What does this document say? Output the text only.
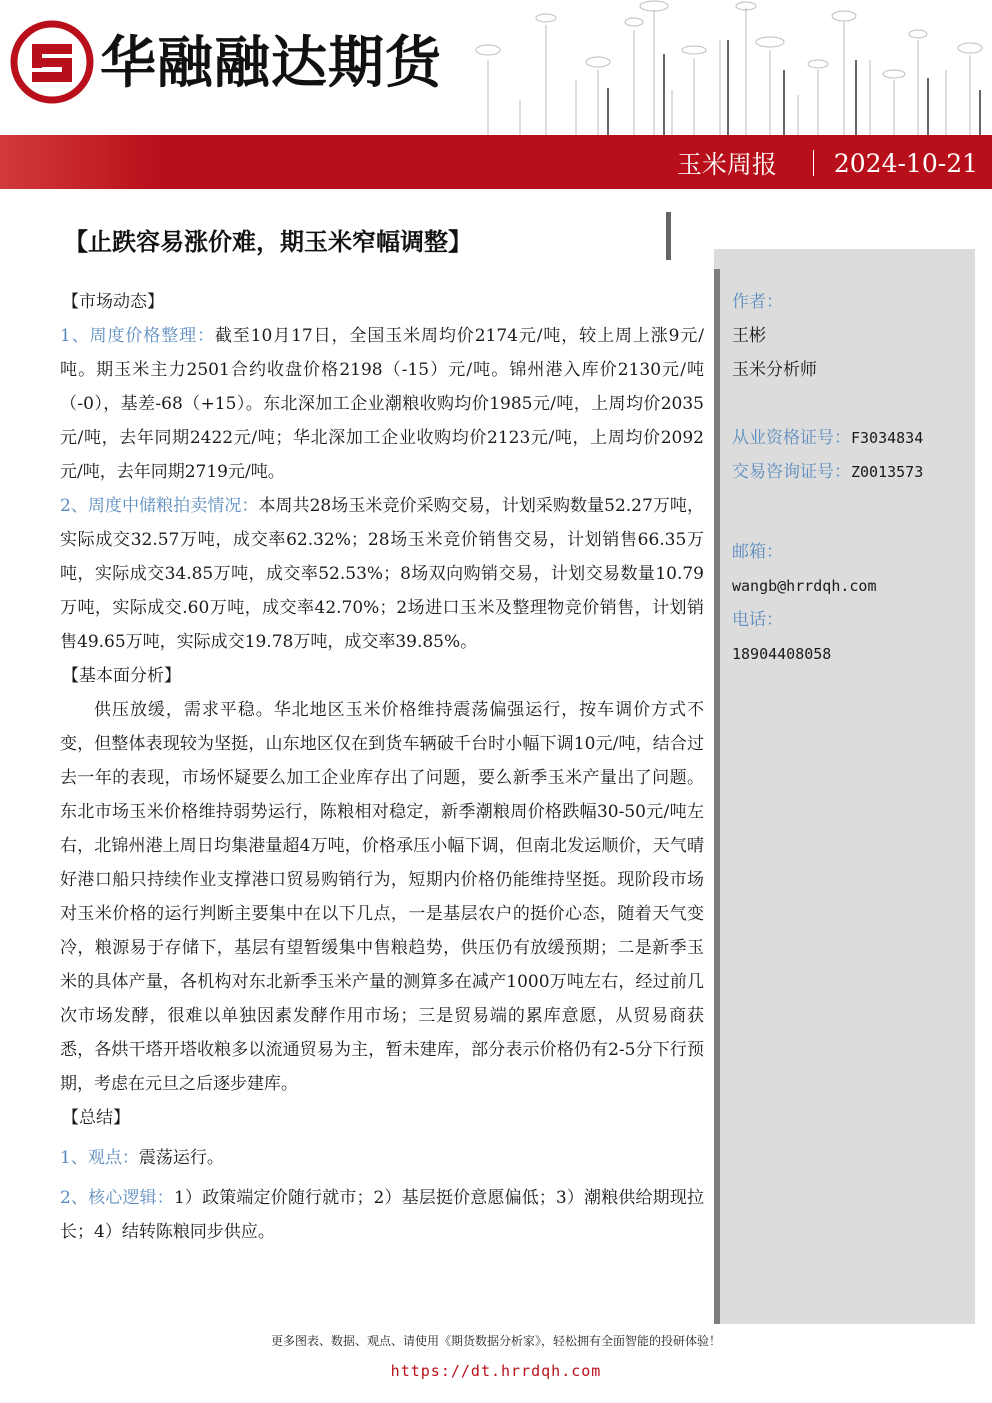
华融融达期货
玉米周报 2024-10-21
【止跌容易涨价难，期玉米窄幅调整】
【市场动态】
1、周度价格整理：截至10月17日，全国玉米周均价2174元/吨，较上周上涨9元/吨。期玉米主力2501合约收盘价格2198（-15）元/吨。锦州港入库价2130元/吨（-0），基差-68（+15）。东北深加工企业潮粮收购均价1985元/吨，上周均价2035元/吨，去年同期2422元/吨；华北深加工企业收购均价2123元/吨，上周均价2092元/吨，去年同期2719元/吨。
2、周度中储粮拍卖情况：本周共28场玉米竞价采购交易，计划采购数量52.27万吨，实际成交32.57万吨，成交率62.32%；28场玉米竞价销售交易，计划销售66.35万吨，实际成交34.85万吨，成交率52.53%；8场双向购销交易，计划交易数量10.79万吨，实际成交.60万吨，成交率42.70%；2场进口玉米及整理物竞价销售，计划销售49.65万吨，实际成交19.78万吨，成交率39.85%。
【基本面分析】
供压放缓，需求平稳。华北地区玉米价格维持震荡偏强运行，按车调价方式不变，但整体表现较为坚挺，山东地区仅在到货车辆破千台时小幅下调10元/吨，结合过去一年的表现，市场怀疑要么加工企业库存出了问题，要么新季玉米产量出了问题。东北市场玉米价格维持弱势运行，陈粮相对稳定，新季潮粮周价格跌幅30-50元/吨左右，北锦州港上周日均集港量超4万吨，价格承压小幅下调，但南北发运顺价，天气晴好港口船只持续作业支撑港口贸易购销行为，短期内价格仍能维持坚挺。现阶段市场对玉米价格的运行判断主要集中在以下几点，一是基层农户的挺价心态，随着天气变冷，粮源易于存储下，基层有望暂缓集中售粮趋势，供压仍有放缓预期；二是新季玉米的具体产量，各机构对东北新季玉米产量的测算多在减产1000万吨左右，经过前几次市场发酵，很难以单独因素发酵作用市场；三是贸易端的累库意愿，从贸易商获悉，各烘干塔开塔收粮多以流通贸易为主，暂未建库，部分表示价格仍有2-5分下行预期，考虑在元旦之后逐步建库。
【总结】
1、观点：震荡运行。
2、核心逻辑：1）政策端定价随行就市；2）基层挺价意愿偏低；3）潮粮供给期现拉长；4）结转陈粮同步供应。
作者：
王彬
玉米分析师
从业资格证号：F3034834
交易咨询证号：Z0013573
邮箱：
wangb@hrrdqh.com
电话：
18904408058
更多图表、数据、观点、请使用《期货数据分析家》，轻松拥有全面智能的投研体验！
https://dt.hrrdqh.com
